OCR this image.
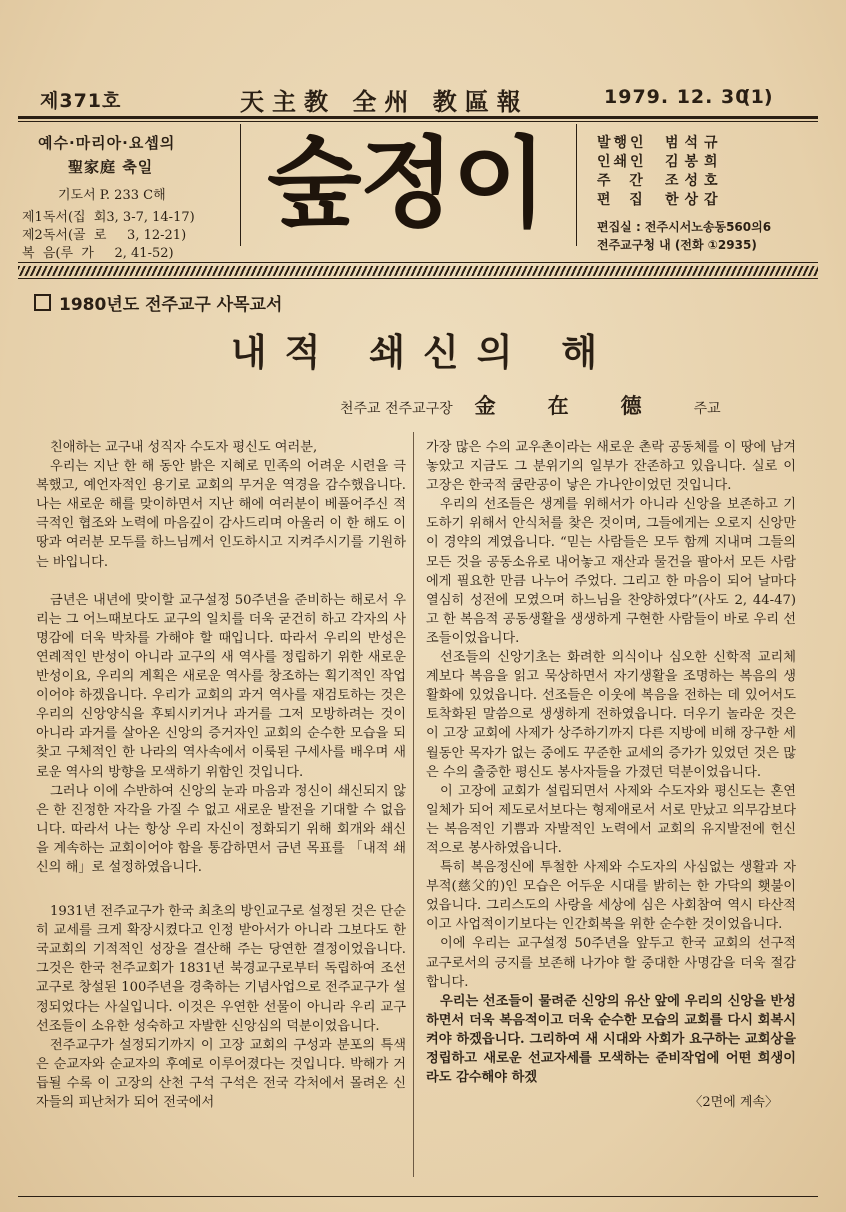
제371호	天主教 全州 教區報	1979. 12. 30
(1)
예수·마리아·요셉의
聖家庭 축일
기도서 P. 233 C해
제1독서(집  회3, 3-7, 14-17)
제2독서(골  로     3, 12-21)
복  음(루  가     2, 41-52)
숲정이	발행인 범석규
인쇄인 김봉희
주  간 조성호
편  집 한상갑
편집실 : 전주시서노송동560의6
전주교구청 내 (전화 ①2935)
1980년도 전주교구 사목교서
내적 쇄신의 해
천주교 전주교구장 金在德주교

친애하는 교구내 성직자 수도자 평신도 여러분,

우리는 지난 한 해 동안 밝은 지혜로 민족의 어려운 시련을 극복했고, 예언자적인 용기로 교회의 무거운 역경을 감수했읍니다. 나는 새로운 해를 맞이하면서 지난 해에 여러분이 베풀어주신 적극적인 협조와 노력에 마음깊이 감사드리며 아울러 이 한 해도 이 땅과 여러분 모두를 하느님께서 인도하시고 지켜주시기를 기원하는 바입니다.

금년은 내년에 맞이할 교구설정 50주년을 준비하는 해로서 우리는 그 어느때보다도 교구의 일치를 더욱 굳건히 하고 각자의 사명감에 더욱 박차를 가해야 할 때입니다. 따라서 우리의 반성은 연례적인 반성이 아니라 교구의 새 역사를 정립하기 위한 새로운 반성이요, 우리의 계획은 새로운 역사를 창조하는 획기적인 작업이어야 하겠읍니다. 우리가 교회의 과거 역사를 재검토하는 것은 우리의 신앙양식을 후퇴시키거나 과거를 그저 모방하려는 것이 아니라 과거를 살아온 신앙의 증거자인 교회의 순수한 모습을 되찾고 구체적인 한 나라의 역사속에서 이룩된 구세사를 배우며 새로운 역사의 방향을 모색하기 위함인 것입니다.

그러나 이에 수반하여 신앙의 눈과 마음과 정신이 쇄신되지 않은 한 진정한 자각을 가질 수 없고 새로운 발전을 기대할 수 없읍니다. 따라서 나는 항상 우리 자신이 정화되기 위해 회개와 쇄신을 계속하는 교회이어야 함을 통감하면서 금년 목표를 「내적 쇄신의 해」로 설정하였읍니다.

1931년 전주교구가 한국 최초의 방인교구로 설정된 것은 단순히 교세를 크게 확장시켰다고 인정 받아서가 아니라 그보다도 한국교회의 기적적인 성장을 결산해 주는 당연한 결정이었읍니다. 그것은 한국 천주교회가 1831년 북경교구로부터 독립하여 조선교구로 창설된 100주년을 경축하는 기념사업으로 전주교구가 설정되었다는 사실입니다. 이것은 우연한 선물이 아니라 우리 교구 선조들이 소유한 성숙하고 자발한 신앙심의 덕분이었읍니다.

전주교구가 설정되기까지 이 고장 교회의 구성과 분포의 특색은 순교자와 순교자의 후예로 이루어졌다는 것입니다. 박해가 거듭될 수록 이 고장의 산천 구석 구석은 전국 각처에서 몰려온 신자들의 피난처가 되어 전국에서

가장 많은 수의 교우촌이라는 새로운 촌락 공동체를 이 땅에 남겨 놓았고 지금도 그 분위기의 일부가 잔존하고 있읍니다. 실로 이 고장은 한국적 쿰란공이 낳은 가나안이었던 것입니다.

우리의 선조들은 생계를 위해서가 아니라 신앙을 보존하고 기도하기 위해서 안식처를 찾은 것이며, 그들에게는 오로지 신앙만이 경약의 계였읍니다. “믿는 사람들은 모두 함께 지내며 그들의 모든 것을 공동소유로 내어놓고 재산과 물건을 팔아서 모든 사람에게 필요한 만큼 나누어 주었다. 그리고 한 마음이 되어 날마다 열심히 성전에 모였으며 하느님을 찬양하였다”(사도 2, 44-47)고 한 복음적 공동생활을 생생하게 구현한 사람들이 바로 우리 선조들이었읍니다.

선조들의 신앙기초는 화려한 의식이나 심오한 신학적 교리체계보다 복음을 읽고 묵상하면서 자기생활을 조명하는 복음의 생활화에 있었읍니다. 선조들은 이웃에 복음을 전하는 데 있어서도 토착화된 말씀으로 생생하게 전하였읍니다. 더우기 놀라운 것은 이 고장 교회에 사제가 상주하기까지 다른 지방에 비해 장구한 세월동안 목자가 없는 중에도 꾸준한 교세의 증가가 있었던 것은 많은 수의 출중한 평신도 봉사자들을 가졌던 덕분이었읍니다.

이 고장에 교회가 설립되면서 사제와 수도자와 평신도는 혼연일체가 되어 제도로서보다는 형제애로서 서로 만났고 의무감보다는 복음적인 기쁨과 자발적인 노력에서 교회의 유지발전에 헌신적으로 봉사하였읍니다.

특히 복음정신에 투철한 사제와 수도자의 사심없는 생활과 자부적(慈父的)인 모습은 어두운 시대를 밝히는 한 가닥의 횃불이었읍니다. 그리스도의 사랑을 세상에 심은 사회참여 역시 타산적이고 사업적이기보다는 인간회복을 위한 순수한 것이었읍니다.

이에 우리는 교구설정 50주년을 앞두고 한국 교회의 선구적 교구로서의 긍지를 보존해 나가야 할 중대한 사명감을 더욱 절감합니다.

우리는 선조들이 물려준 신앙의 유산 앞에 우리의 신앙을 반성하면서 더욱 복음적이고 더욱 순수한 모습의 교회를 다시 회복시켜야 하겠읍니다. 그리하여 새 시대와 사회가 요구하는 교회상을 정립하고 새로운 선교자세를 모색하는 준비작업에 어떤 희생이라도 감수해야 하겠

〈2면에 계속〉
